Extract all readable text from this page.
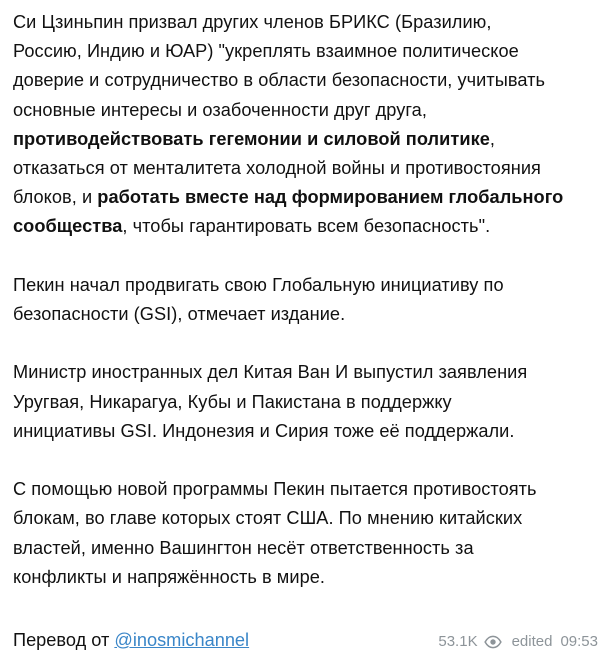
Си Цзиньпин призвал других членов БРИКС (Бразилию,
Россию, Индию и ЮАР) "укреплять взаимное политическое
доверие и сотрудничество в области безопасности, учитывать
основные интересы и озабоченности друг друга,
противодействовать гегемонии и силовой политике,
отказаться от менталитета холодной войны и противостояния
блоков, и работать вместе над формированием глобального
сообщества, чтобы гарантировать всем безопасность".

Пекин начал продвигать свою Глобальную инициативу по
безопасности (GSI), отмечает издание.

Министр иностранных дел Китая Ван И выпустил заявления
Уругвая, Никарагуа, Кубы и Пакистана в поддержку
инициативы GSI. Индонезия и Сирия тоже её поддержали.

С помощью новой программы Пекин пытается противостоять
блокам, во главе которых стоят США. По мнению китайских
властей, именно Вашингтон несёт ответственность за
конфликты и напряжённость в мире.

Перевод от @inosmichannel	53.1K edited 09:53
